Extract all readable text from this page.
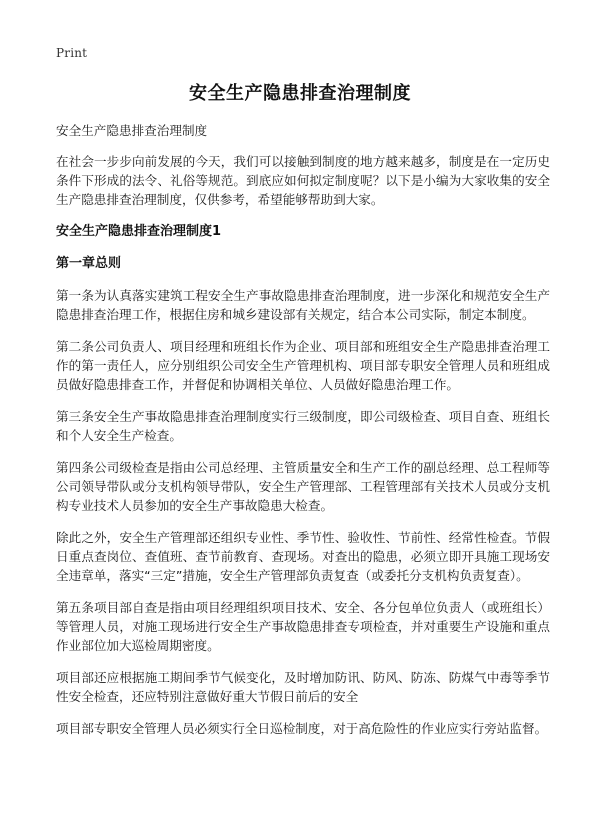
Print
安全生产隐患排查治理制度

安全生产隐患排查治理制度

在社会一步步向前发展的今天，我们可以接触到制度的地方越来越多，制度是在一定历史条件下形成的法令、礼俗等规范。到底应如何拟定制度呢？以下是小编为大家收集的安全生产隐患排查治理制度，仅供参考，希望能够帮助到大家。

安全生产隐患排查治理制度1
第一章总则

第一条为认真落实建筑工程安全生产事故隐患排查治理制度，进一步深化和规范安全生产隐患排查治理工作，根据住房和城乡建设部有关规定，结合本公司实际，制定本制度。

第二条公司负责人、项目经理和班组长作为企业、项目部和班组安全生产隐患排查治理工作的第一责任人，应分别组织公司安全生产管理机构、项目部专职安全管理人员和班组成员做好隐患排查工作，并督促和协调相关单位、人员做好隐患治理工作。

第三条安全生产事故隐患排查治理制度实行三级制度，即公司级检查、项目自查、班组长和个人安全生产检查。

第四条公司级检查是指由公司总经理、主管质量安全和生产工作的副总经理、总工程师等公司领导带队或分支机构领导带队，安全生产管理部、工程管理部有关技术人员或分支机构专业技术人员参加的安全生产事故隐患大检查。

除此之外，安全生产管理部还组织专业性、季节性、验收性、节前性、经常性检查。节假日重点查岗位、查值班、查节前教育、查现场。对查出的隐患，必须立即开具施工现场安全违章单，落实“三定”措施，安全生产管理部负责复查（或委托分支机构负责复查）。

第五条项目部自查是指由项目经理组织项目技术、安全、各分包单位负责人（或班组长）等管理人员，对施工现场进行安全生产事故隐患排查专项检查，并对重要生产设施和重点作业部位加大巡检周期密度。

项目部还应根据施工期间季节气候变化，及时增加防讯、防风、防冻、防煤气中毒等季节性安全检查，还应特别注意做好重大节假日前后的安全

项目部专职安全管理人员必须实行全日巡检制度，对于高危险性的作业应实行旁站监督。
